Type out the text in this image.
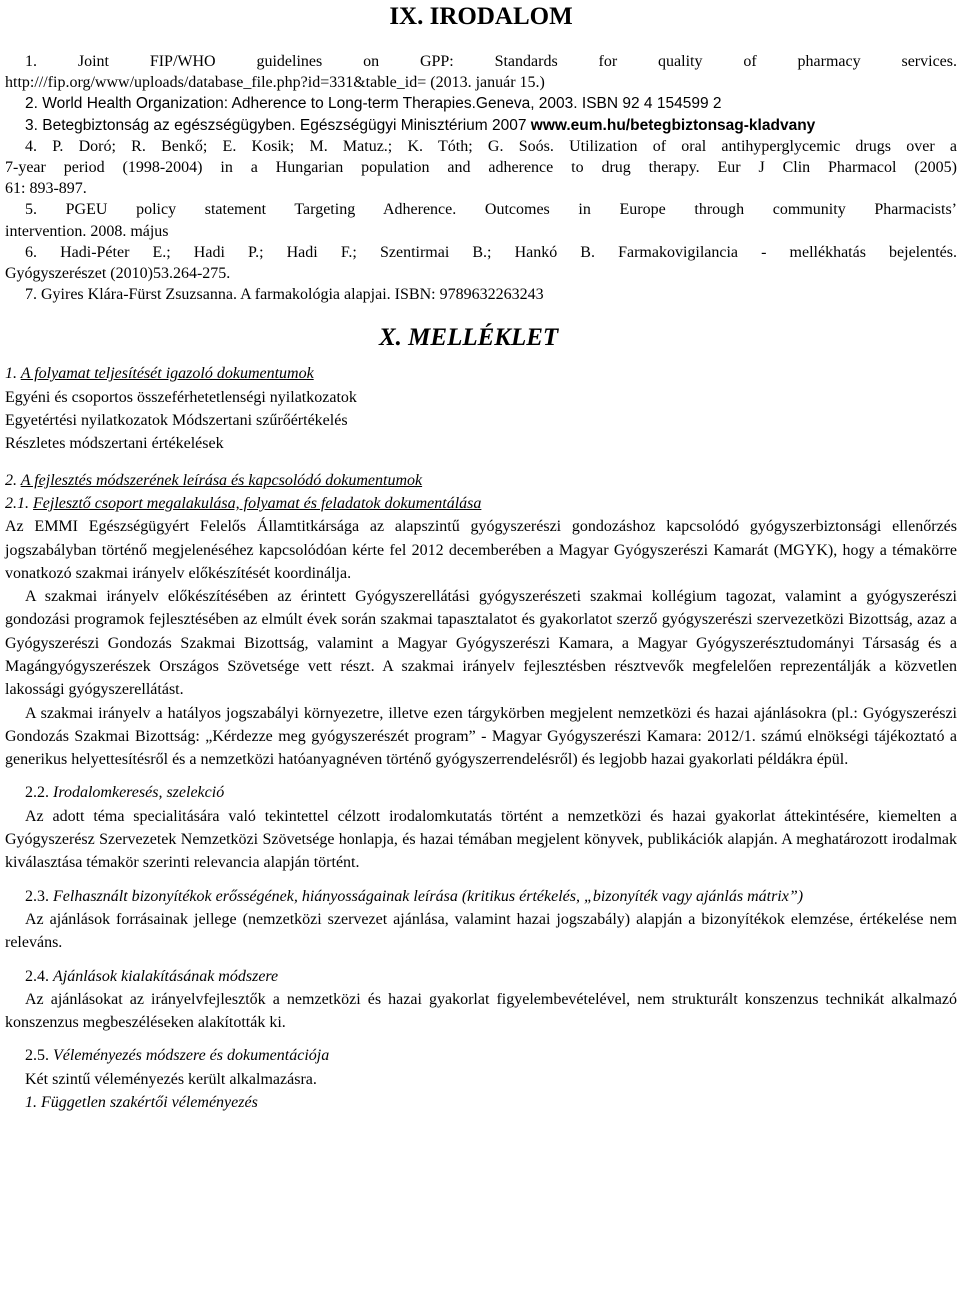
IX. IRODALOM
1. Joint FIP/WHO guidelines on GPP: Standards for quality of pharmacy services.
http:///fip.org/www/uploads/database_file.php?id=331&table_id= (2013. január 15.)
2. World Health Organization: Adherence to Long-term Therapies.Geneva, 2003. ISBN 92 4 154599 2
3. Betegbiztonság az egészségügyben. Egészségügyi Minisztérium 2007 www.eum.hu/betegbiztonsag-kladvany
4. P. Doró; R. Benkő; E. Kosik; M. Matuz.; K. Tóth; G. Soós. Utilization of oral antihyperglycemic drugs over a
7-year period (1998-2004) in a Hungarian population and adherence to drug therapy. Eur J Clin Pharmacol (2005)
61: 893-897.
5. PGEU policy statement Targeting Adherence. Outcomes in Europe through community Pharmacists’
intervention. 2008. május
6. Hadi-Péter E.; Hadi P.; Hadi F.; Szentirmai B.; Hankó B. Farmakovigilancia - mellékhatás bejelentés.
Gyógyszerészet (2010)53.264-275.
7. Gyires Klára-Fürst Zsuzsanna. A farmakológia alapjai. ISBN: 9789632263243
X. MELLÉKLET
1. A folyamat teljesítését igazoló dokumentumok
Egyéni és csoportos összeférhetetlenségi nyilatkozatok
Egyetértési nyilatkozatok Módszertani szűrőértékelés
Részletes módszertani értékelések
2. A fejlesztés módszerének leírása és kapcsolódó dokumentumok
2.1. Fejlesztő csoport megalakulása, folyamat és feladatok dokumentálása

Az EMMI Egészségügyért Felelős Államtitkársága az alapszintű gyógyszerészi gondozáshoz kapcsolódó gyógyszerbiztonsági ellenőrzés jogszabályban történő megjelenéséhez kapcsolódóan kérte fel 2012 decemberében a Magyar Gyógyszerészi Kamarát (MGYK), hogy a témakörre vonatkozó szakmai irányelv előkészítését koordinálja.

A szakmai irányelv előkészítésében az érintett Gyógyszerellátási gyógyszerészeti szakmai kollégium tagozat, valamint a gyógyszerészi gondozási programok fejlesztésében az elmúlt évek során szakmai tapasztalatot és gyakorlatot szerző gyógyszerészi szervezetközi Bizottság, azaz a Gyógyszerészi Gondozás Szakmai Bizottság, valamint a Magyar Gyógyszerészi Kamara, a Magyar Gyógyszerésztudományi Társaság és a Magángyógyszerészek Országos Szövetsége vett részt. A szakmai irányelv fejlesztésben résztvevők megfelelően reprezentálják a közvetlen lakossági gyógyszerellátást.

A szakmai irányelv a hatályos jogszabályi környezetre, illetve ezen tárgykörben megjelent nemzetközi és hazai ajánlásokra (pl.: Gyógyszerészi Gondozás Szakmai Bizottság: „Kérdezze meg gyógyszerészét program” - Magyar Gyógyszerészi Kamara: 2012/1. számú elnökségi tájékoztató a generikus helyettesítésről és a nemzetközi hatóanyagnéven történő gyógyszerrendelésről) és legjobb hazai gyakorlati példákra épül.

2.2. Irodalomkeresés, szelekció

Az adott téma specialitására való tekintettel célzott irodalomkutatás történt a nemzetközi és hazai gyakorlat áttekintésére, kiemelten a Gyógyszerész Szervezetek Nemzetközi Szövetsége honlapja, és hazai témában megjelent könyvek, publikációk alapján. A meghatározott irodalmak kiválasztása témakör szerinti relevancia alapján történt.

2.3. Felhasznált bizonyítékok erősségének, hiányosságainak leírása (kritikus értékelés, „bizonyíték vagy ajánlás mátrix”)

Az ajánlások forrásainak jellege (nemzetközi szervezet ajánlása, valamint hazai jogszabály) alapján a bizonyítékok elemzése, értékelése nem releváns.

2.4. Ajánlások kialakításának módszere

Az ajánlásokat az irányelvfejlesztők a nemzetközi és hazai gyakorlat figyelembevételével, nem strukturált konszenzus technikát alkalmazó konszenzus megbeszéléseken alakították ki.

2.5. Véleményezés módszere és dokumentációja

Két szintű véleményezés került alkalmazásra.

1. Független szakértői véleményezés
